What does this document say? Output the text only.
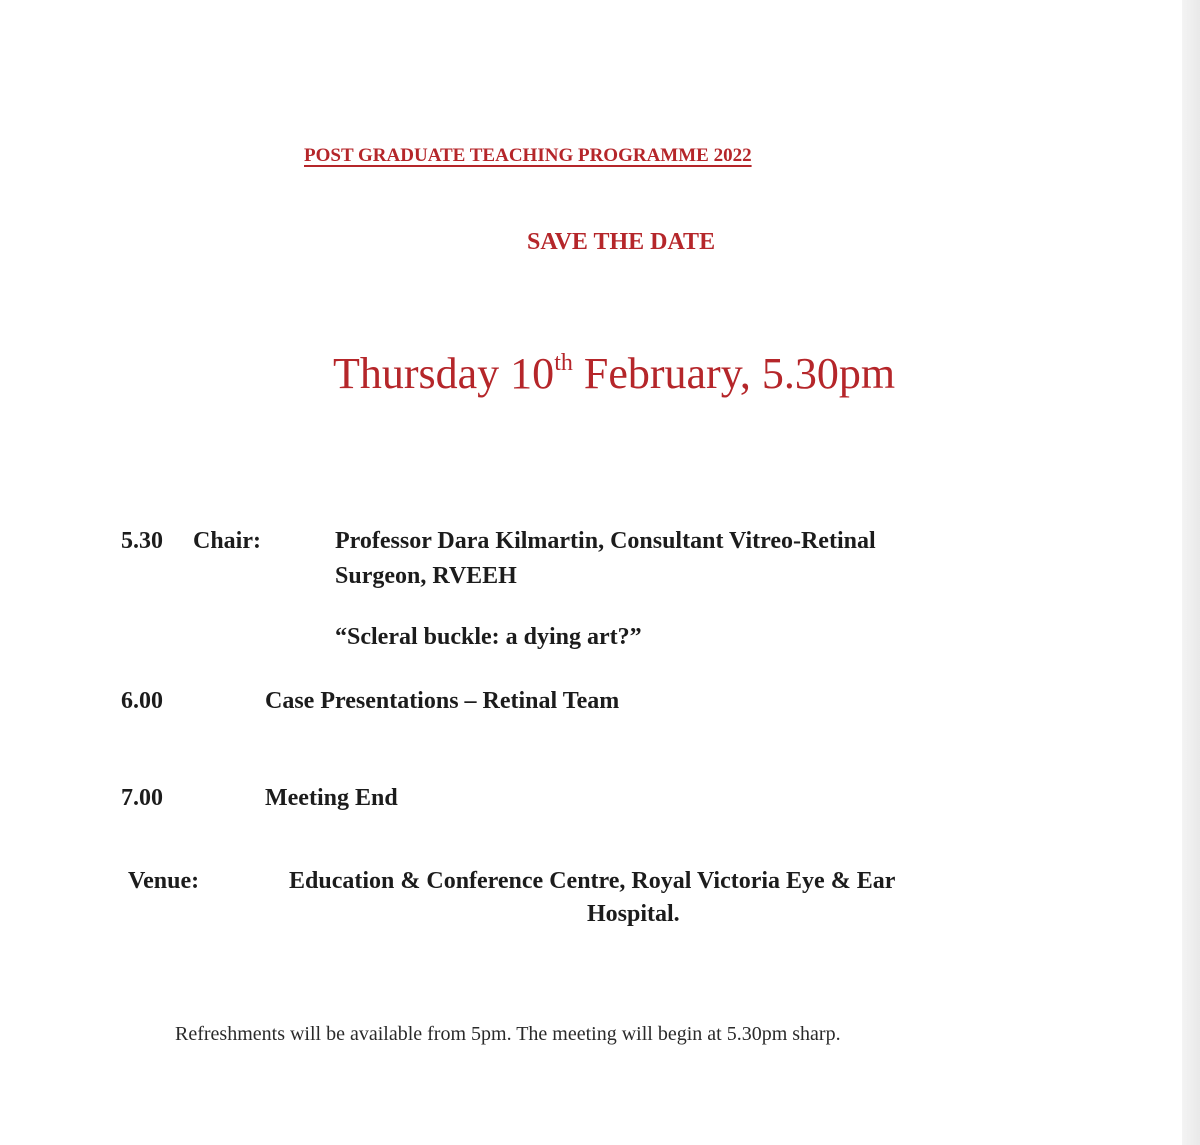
POST GRADUATE TEACHING PROGRAMME 2022
SAVE THE DATE
Thursday 10th February, 5.30pm
5.30 Chair:	Professor Dara Kilmartin, Consultant Vitreo-Retinal
Surgeon, RVEEH
“Scleral buckle: a dying art?”
6.00	Case Presentations – Retinal Team
7.00	Meeting End
Venue:	Education & Conference Centre, Royal Victoria Eye & Ear
Hospital.
Refreshments will be available from 5pm. The meeting will begin at 5.30pm sharp.
